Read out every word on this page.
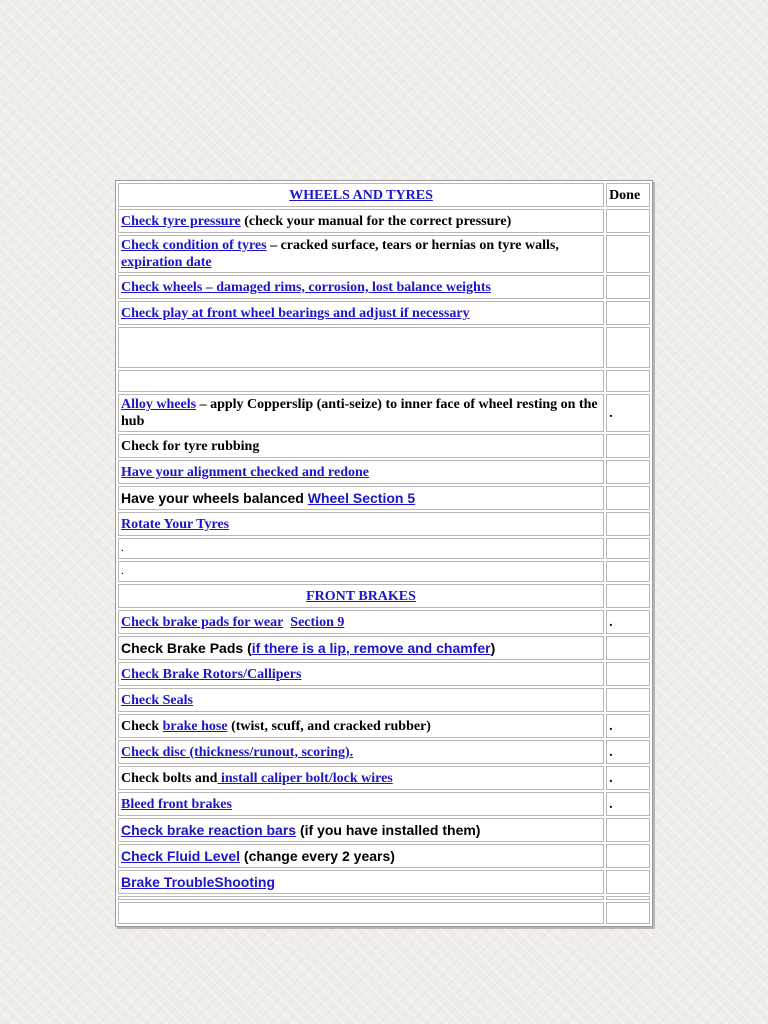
WHEELS AND TYRES	Done
Check tyre pressure (check your manual for the correct pressure)	
Check condition of tyres – cracked surface, tears or hernias on tyre walls, expiration date	
Check wheels – damaged rims, corrosion, lost balance weights	
Check play at front wheel bearings and adjust if necessary	

Alloy wheels – apply Copperslip (anti-seize) to inner face of wheel resting on the hub	.
Check for tyre rubbing	
Have your alignment checked and redone	
Have your wheels balanced Wheel Section 5	
Rotate Your Tyres	
.	
.	
FRONT BRAKES	
Check brake pads for wear Section 9	.
Check Brake Pads (if there is a lip, remove and chamfer)	
Check Brake Rotors/Callipers	
Check Seals	
Check brake hose (twist, scuff, and cracked rubber)	.
Check disc (thickness/runout, scoring).	.
Check bolts and install caliper bolt/lock wires	.
Bleed front brakes	.
Check brake reaction bars (if you have installed them)	
Check Fluid Level (change every 2 years)	
Brake TroubleShooting	
